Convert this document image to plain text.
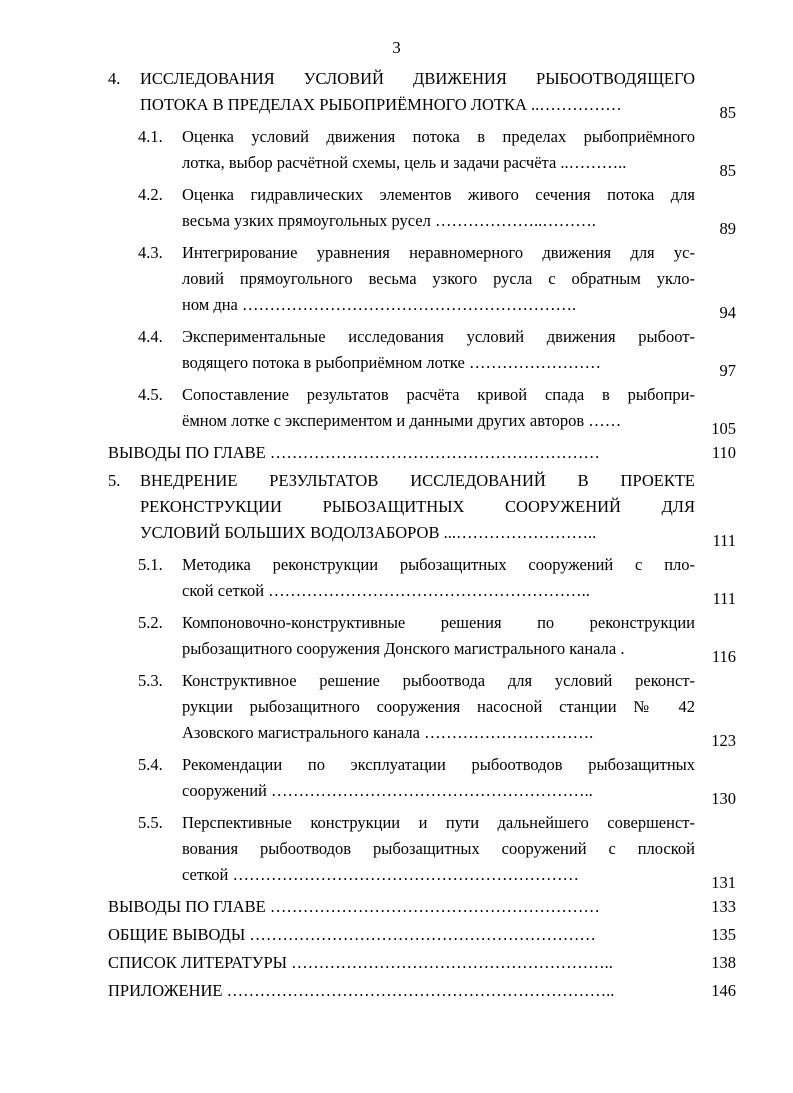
3
4. ИССЛЕДОВАНИЯ УСЛОВИЙ ДВИЖЕНИЯ РЫБООТВОДЯЩЕГО
ПОТОКА В ПРЕДЕЛАХ РЫБОПРИЁМНОГО ЛОТКА ..……………	85
4.1. Оценка условий движения потока в пределах рыбоприёмного
лотка, выбор расчётной схемы, цель и задачи расчёта ..………..	85
4.2. Оценка гидравлических элементов живого сечения потока для
весьма узких прямоугольных русел ………………..……….	89
4.3. Интегрирование уравнения неравномерного движения для ус-
ловий прямоугольного весьма узкого русла с обратным укло-
ном дна …………………………………………………….	94
4.4. Экспериментальные исследования условий движения рыбоот-
водящего потока в рыбоприёмном лотке ……………………	97
4.5. Сопоставление результатов расчёта кривой спада в рыбопри-
ёмном лотке с экспериментом и данными других авторов ……	105
ВЫВОДЫ ПО ГЛАВЕ ……………………………………………………	110
5. ВНЕДРЕНИЕ РЕЗУЛЬТАТОВ ИССЛЕДОВАНИЙ В ПРОЕКТЕ
РЕКОНСТРУКЦИИ РЫБОЗАЩИТНЫХ СООРУЖЕНИЙ ДЛЯ
УСЛОВИЙ БОЛЬШИХ ВОДОЛЗАБОРОВ ...……………………..	111
5.1. Методика реконструкции рыбозащитных сооружений с пло-
ской сеткой …………………………………………………..	111
5.2. Компоновочно-конструктивные решения по реконструкции
рыбозащитного сооружения Донского магистрального канала .	116
5.3. Конструктивное решение рыбоотвода для условий реконст-
рукции рыбозащитного сооружения насосной станции № 42
Азовского магистрального канала ………………………….	123
5.4. Рекомендации по эксплуатации рыбоотводов рыбозащитных
сооружений …………………………………………………..	130
5.5. Перспективные конструкции и пути дальнейшего совершенст-
вования рыбоотводов рыбозащитных сооружений с плоской
сеткой ………………………………………………………	131
ВЫВОДЫ ПО ГЛАВЕ ……………………………………………………	133
ОБЩИЕ ВЫВОДЫ ………………………………………………………	135
СПИСОК ЛИТЕРАТУРЫ …………………………………………………..	138
ПРИЛОЖЕНИЕ ……………………………………………………………..	146
